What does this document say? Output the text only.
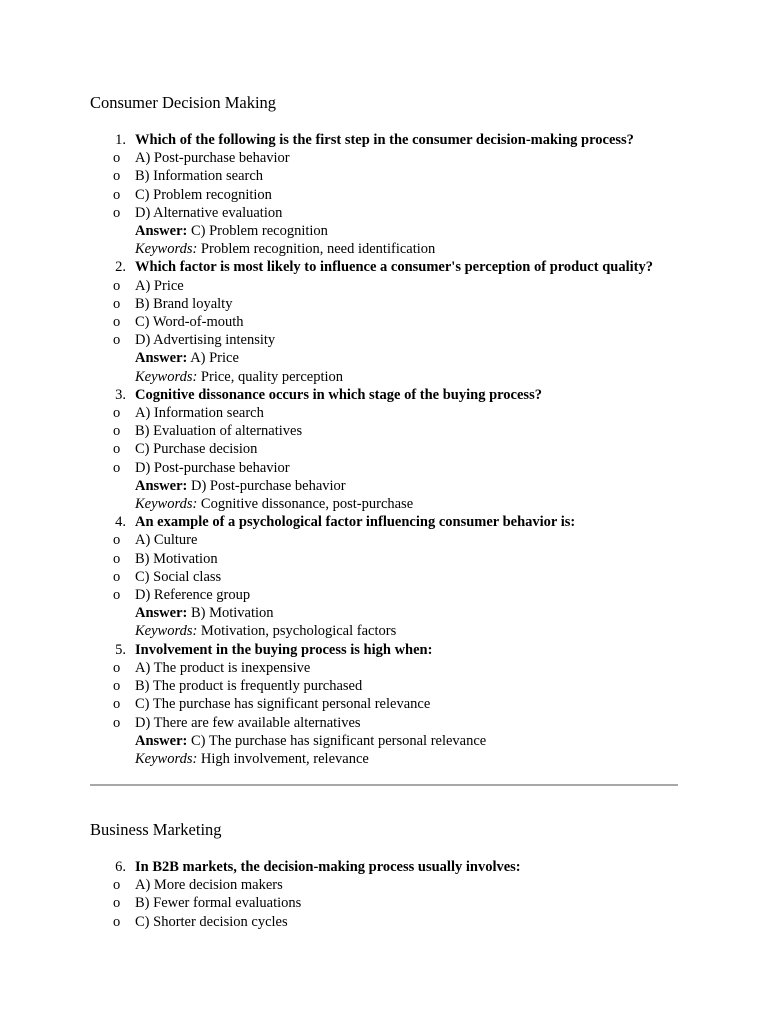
Consumer Decision Making
1. Which of the following is the first step in the consumer decision-making process?
o A) Post-purchase behavior
o B) Information search
o C) Problem recognition
o D) Alternative evaluation
Answer: C) Problem recognition
Keywords: Problem recognition, need identification
2. Which factor is most likely to influence a consumer's perception of product quality?
o A) Price
o B) Brand loyalty
o C) Word-of-mouth
o D) Advertising intensity
Answer: A) Price
Keywords: Price, quality perception
3. Cognitive dissonance occurs in which stage of the buying process?
o A) Information search
o B) Evaluation of alternatives
o C) Purchase decision
o D) Post-purchase behavior
Answer: D) Post-purchase behavior
Keywords: Cognitive dissonance, post-purchase
4. An example of a psychological factor influencing consumer behavior is:
o A) Culture
o B) Motivation
o C) Social class
o D) Reference group
Answer: B) Motivation
Keywords: Motivation, psychological factors
5. Involvement in the buying process is high when:
o A) The product is inexpensive
o B) The product is frequently purchased
o C) The purchase has significant personal relevance
o D) There are few available alternatives
Answer: C) The purchase has significant personal relevance
Keywords: High involvement, relevance
Business Marketing
6. In B2B markets, the decision-making process usually involves:
o A) More decision makers
o B) Fewer formal evaluations
o C) Shorter decision cycles
